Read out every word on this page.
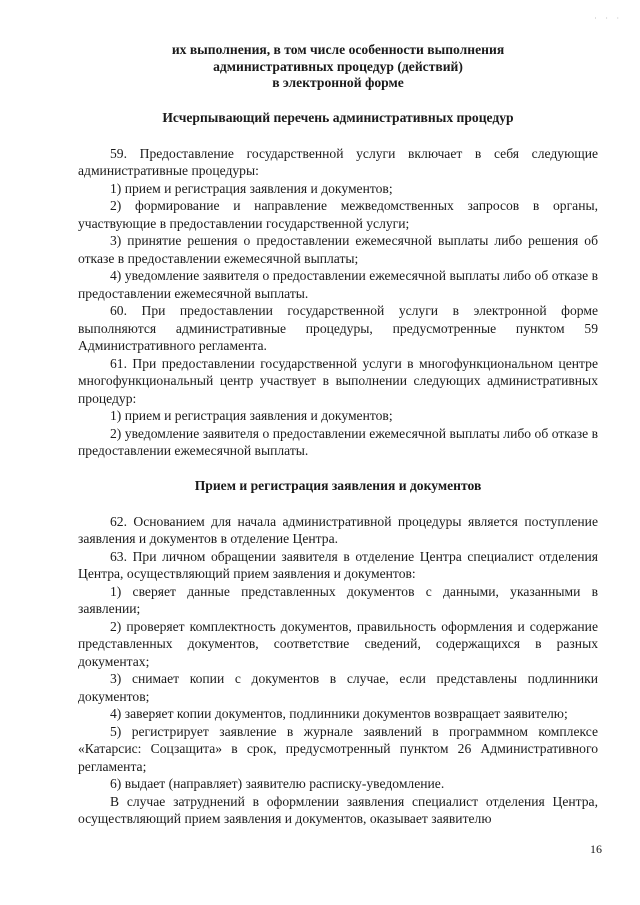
· · ·

их выполнения, в том числе особенности выполнения

административных процедур (действий)

в электронной форме

Исчерпывающий перечень административных процедур

59. Предоставление государственной услуги включает в себя следующие административные процедуры:

1) прием и регистрация заявления и документов;

2) формирование и направление межведомственных запросов в органы, участвующие в предоставлении государственной услуги;

3) принятие решения о предоставлении ежемесячной выплаты либо решения об отказе в предоставлении ежемесячной выплаты;

4) уведомление заявителя о предоставлении ежемесячной выплаты либо об отказе в предоставлении ежемесячной выплаты.

60. При предоставлении государственной услуги в электронной форме выполняются административные процедуры, предусмотренные пунктом 59 Административного регламента.

61. При предоставлении государственной услуги в многофункциональном центре многофункциональный центр участвует в выполнении следующих административных процедур:

1) прием и регистрация заявления и документов;

2) уведомление заявителя о предоставлении ежемесячной выплаты либо об отказе в предоставлении ежемесячной выплаты.

Прием и регистрация заявления и документов

62. Основанием для начала административной процедуры является поступление заявления и документов в отделение Центра.

63. При личном обращении заявителя в отделение Центра специалист отделения Центра, осуществляющий прием заявления и документов:

1) сверяет данные представленных документов с данными, указанными в заявлении;

2) проверяет комплектность документов, правильность оформления и содержание представленных документов, соответствие сведений, содержащихся в разных документах;

3) снимает копии с документов в случае, если представлены подлинники документов;

4) заверяет копии документов, подлинники документов возвращает заявителю;

5) регистрирует заявление в журнале заявлений в программном комплексе «Катарсис: Соцзащита» в срок, предусмотренный пунктом 26 Административного регламента;

6) выдает (направляет) заявителю расписку-уведомление.

В случае затруднений в оформлении заявления специалист отделения Центра, осуществляющий прием заявления и документов, оказывает заявителю

16
